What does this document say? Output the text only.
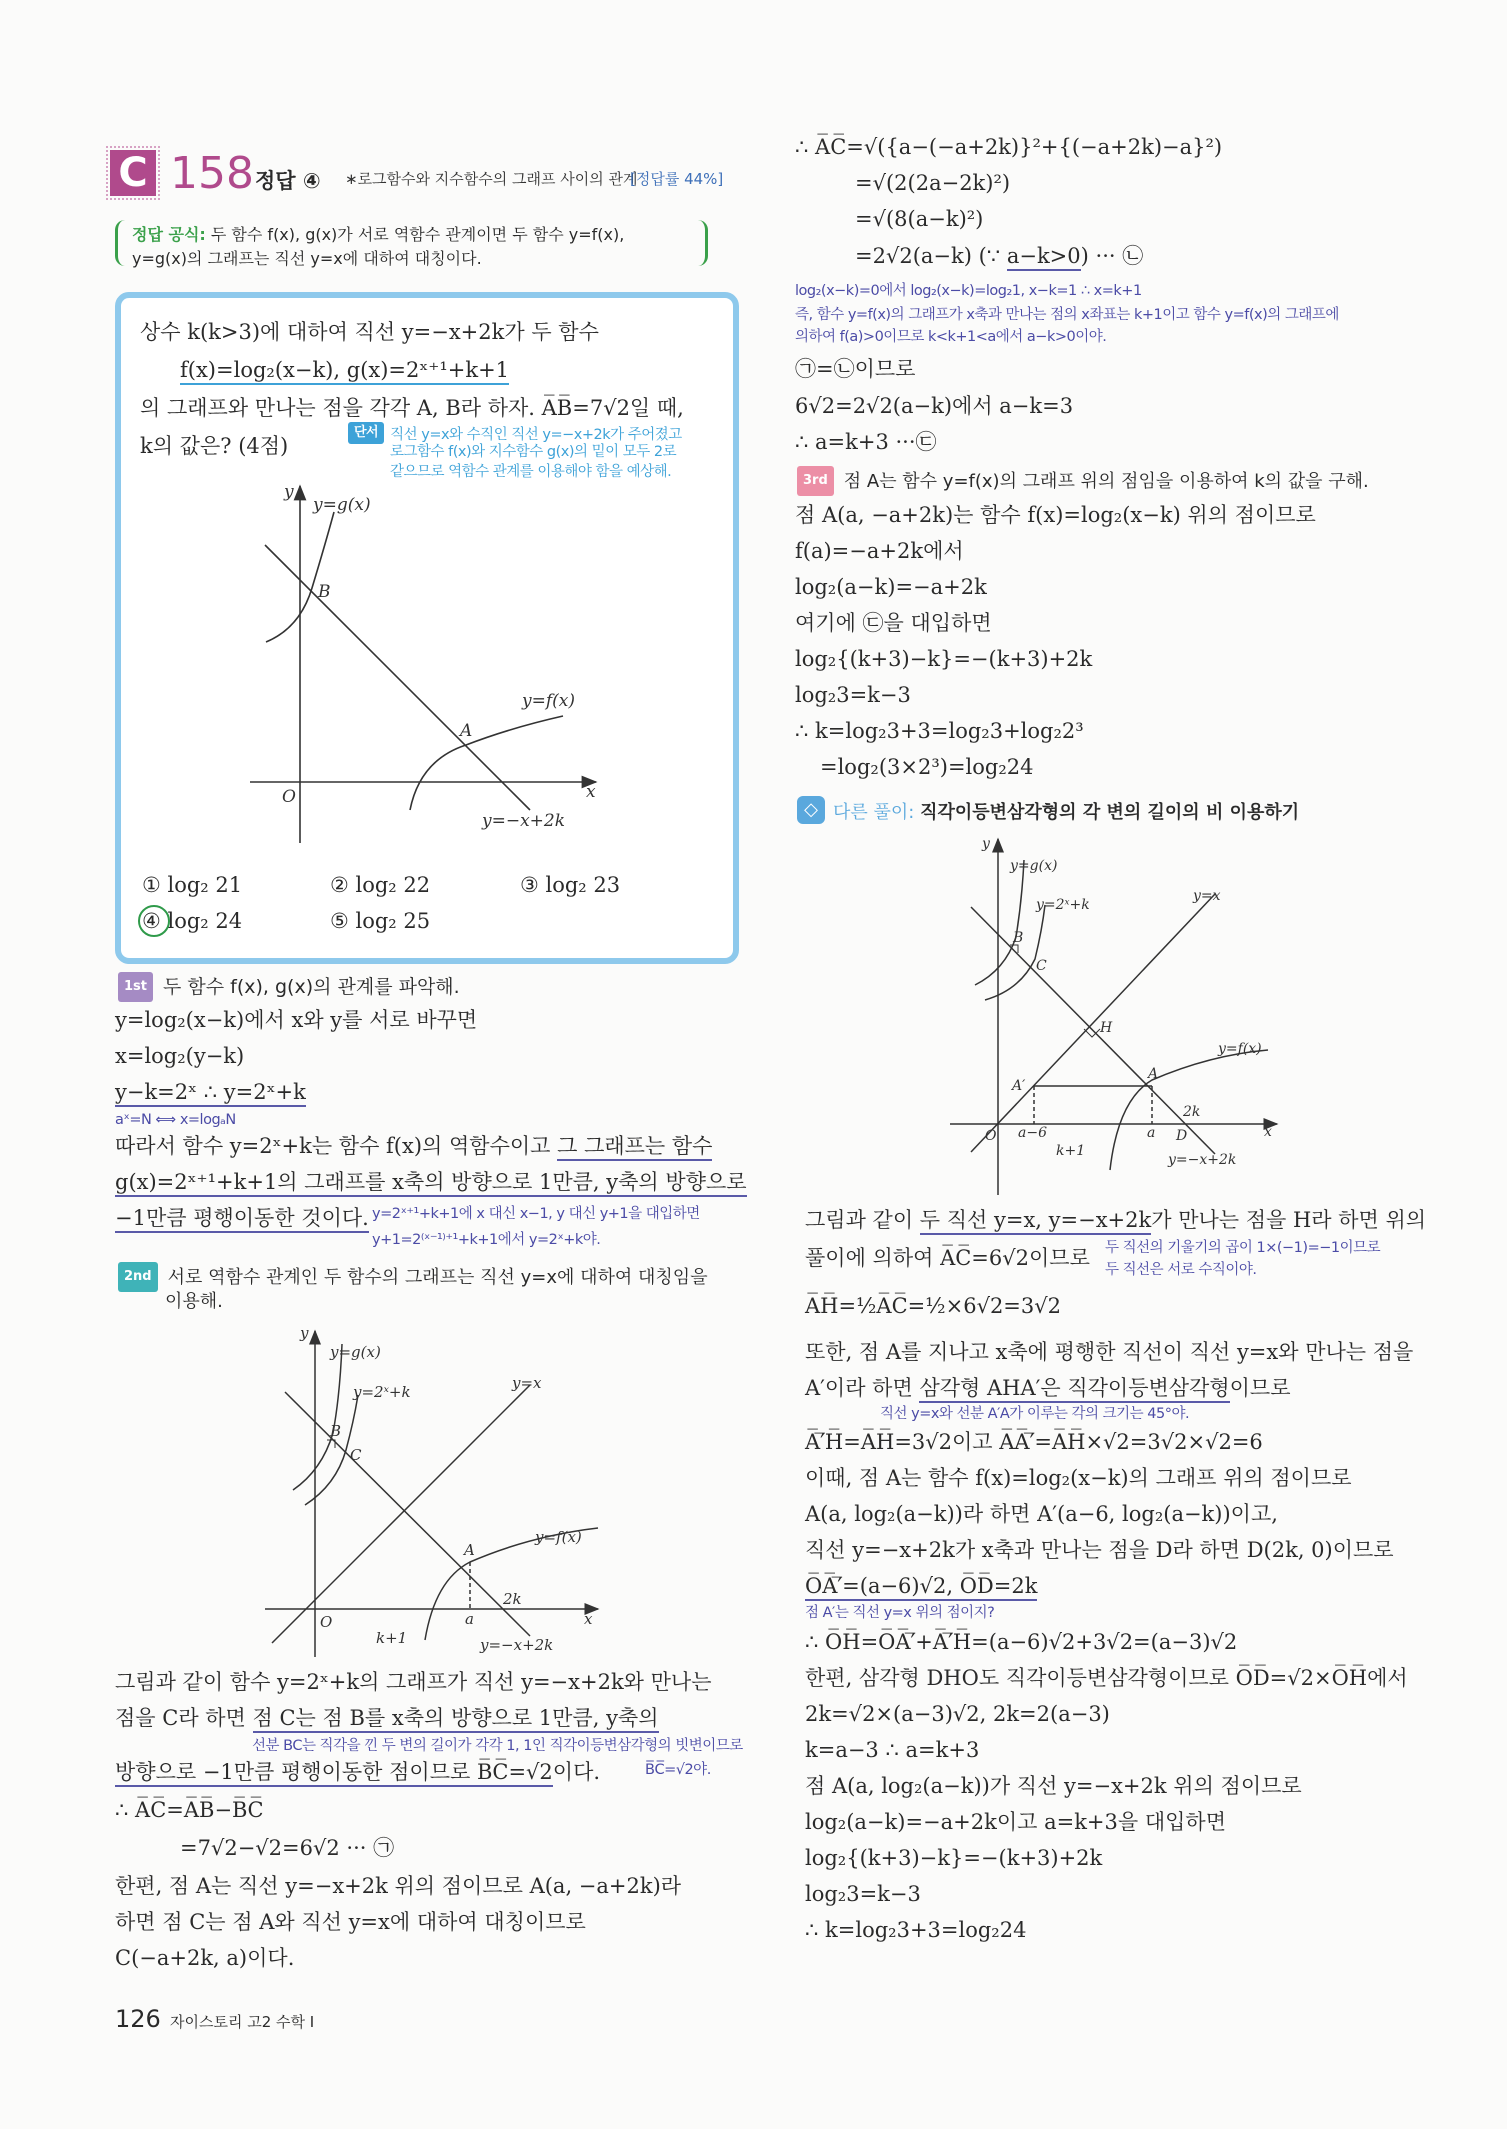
C 158 정답 ④ ∗로그함수와 지수함수의 그래프 사이의 관계
[정답률 44%]
정답 공식: 두 함수 f(x), g(x)가 서로 역함수 관계이면 두 함수 y=f(x),
y=g(x)의 그래프는 직선 y=x에 대하여 대칭이다.
상수 k(k>3)에 대하여 직선 y=−x+2k가 두 함수
f(x)=log₂(x−k), g(x)=2ˣ⁺¹+k+1
의 그래프와 만나는 점을 각각 A, B라 하자. A̅B̅=7√2일 때,
k의 값은? (4점)
단서 직선 y=x와 수직인 직선 y=−x+2k가 주어졌고
로그함수 f(x)와 지수함수 g(x)의 밑이 모두 2로
같으므로 역함수 관계를 이용해야 함을 예상해.
① log₂ 21	② log₂ 22	③ log₂ 23
④ log₂ 24	⑤ log₂ 25
y
y=g(x)
B
y=f(x)
A
O	x
y=−x+2k
y
y=g(x)
y=2ˣ+k	y=x
y=f(x)
A
B
C
O
k+1
a
2k
y=−x+2k
x
y
y=g(x)
y=2ˣ+k
y=x
y=f(x)
H
A
A′
B
C
2k
O a−6	a D
k+1
y=−x+2k
x
1st 두 함수 f(x), g(x)의 관계를 파악해.
y=log₂(x−k)에서 x와 y를 서로 바꾸면
x=log₂(y−k)
y−k=2ˣ ∴ y=2ˣ+k
aˣ=N ⟺ x=logₐN
따라서 함수 y=2ˣ+k는 함수 f(x)의 역함수이고 그 그래프는 함수
g(x)=2ˣ⁺¹+k+1의 그래프를 x축의 방향으로 1만큼, y축의 방향으로
−1만큼 평행이동한 것이다. y=2ˣ⁺¹+k+1에 x 대신 x−1, y 대신 y+1을 대입하면
y+1=2⁽ˣ⁻¹⁾⁺¹+k+1에서 y=2ˣ+k야.
2nd 서로 역함수 관계인 두 함수의 그래프는 직선 y=x에 대하여 대칭임을
이용해.
그림과 같이 함수 y=2ˣ+k의 그래프가 직선 y=−x+2k와 만나는
점을 C라 하면 점 C는 점 B를 x축의 방향으로 1만큼, y축의
선분 BC는 직각을 낀 두 변의 길이가 각각 1, 1인 직각이등변삼각형의 빗변이므로
방향으로 −1만큼 평행이동한 점이므로 B̅C̅=√2이다.	B̅C̅=√2야.
∴ A̅C̅=A̅B̅−B̅C̅
=7√2−√2=6√2 ··· ㉠
한편, 점 A는 직선 y=−x+2k 위의 점이므로 A(a, −a+2k)라
하면 점 C는 점 A와 직선 y=x에 대하여 대칭이므로
C(−a+2k, a)이다.
126 자이스토리 고2 수학 I
∴ A̅C̅=√({a−(−a+2k)}²+{(−a+2k)−a}²)
=√(2(2a−2k)²)
=√(8(a−k)²)
=2√2(a−k) (∵ a−k>0) ··· ㉡
log₂(x−k)=0에서 log₂(x−k)=log₂1, x−k=1 ∴ x=k+1
즉, 함수 y=f(x)의 그래프가 x축과 만나는 점의 x좌표는 k+1이고 함수 y=f(x)의 그래프에
의하여 f(a)>0이므로 k<k+1<a에서 a−k>0이야.
㉠=㉡이므로
6√2=2√2(a−k)에서 a−k=3
∴ a=k+3 ···㉢
3rd 점 A는 함수 y=f(x)의 그래프 위의 점임을 이용하여 k의 값을 구해.
점 A(a, −a+2k)는 함수 f(x)=log₂(x−k) 위의 점이므로
f(a)=−a+2k에서
log₂(a−k)=−a+2k
여기에 ㉢을 대입하면
log₂{(k+3)−k}=−(k+3)+2k
log₂3=k−3
∴ k=log₂3+3=log₂3+log₂2³
=log₂(3×2³)=log₂24
◇ 다른 풀이: 직각이등변삼각형의 각 변의 길이의 비 이용하기
그림과 같이 두 직선 y=x, y=−x+2k가 만나는 점을 H라 하면 위의
풀이에 의하여 A̅C̅=6√2이므로 두 직선의 기울기의 곱이 1×(−1)=−1이므로
두 직선은 서로 수직이야.
A̅H̅=½A̅C̅=½×6√2=3√2
또한, 점 A를 지나고 x축에 평행한 직선이 직선 y=x와 만나는 점을
A′이라 하면 삼각형 AHA′은 직각이등변삼각형이므로
직선 y=x와 선분 A′A가 이루는 각의 크기는 45°야.
A̅′̅H̅=A̅H̅=3√2이고 A̅A̅′̅=A̅H̅×√2=3√2×√2=6
이때, 점 A는 함수 f(x)=log₂(x−k)의 그래프 위의 점이므로
A(a, log₂(a−k))라 하면 A′(a−6, log₂(a−k))이고,
직선 y=−x+2k가 x축과 만나는 점을 D라 하면 D(2k, 0)이므로
O̅A̅′̅=(a−6)√2, O̅D̅=2k
점 A′는 직선 y=x 위의 점이지?
∴ O̅H̅=O̅A̅′̅+A̅′̅H̅=(a−6)√2+3√2=(a−3)√2
한편, 삼각형 DHO도 직각이등변삼각형이므로 O̅D̅=√2×O̅H̅에서
2k=√2×(a−3)√2, 2k=2(a−3)
k=a−3 ∴ a=k+3
점 A(a, log₂(a−k))가 직선 y=−x+2k 위의 점이므로
log₂(a−k)=−a+2k이고 a=k+3을 대입하면
log₂{(k+3)−k}=−(k+3)+2k
log₂3=k−3
∴ k=log₂3+3=log₂24
